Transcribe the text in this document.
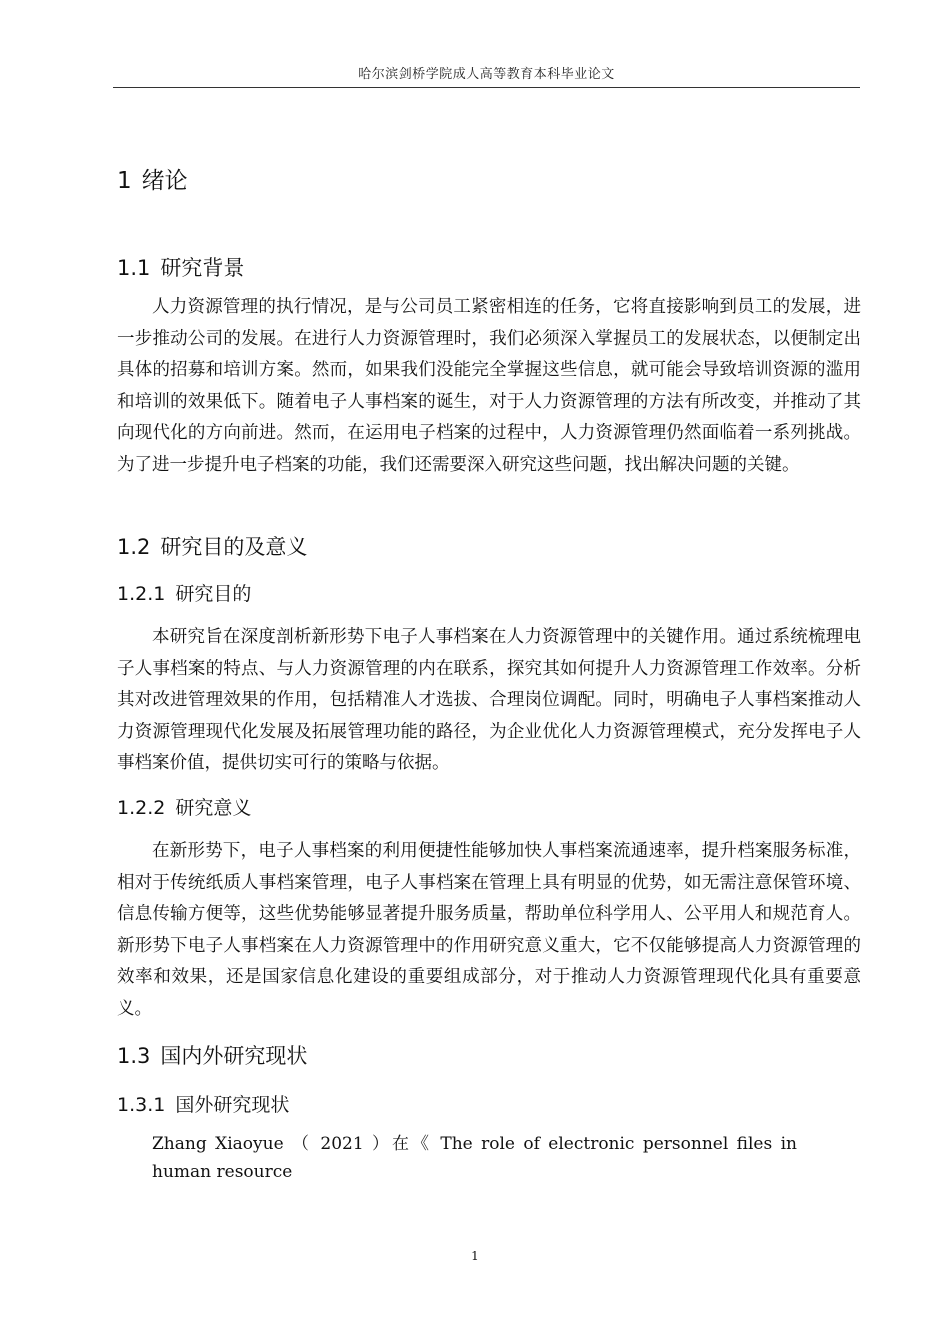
哈尔滨剑桥学院成人高等教育本科毕业论文
1 绪论
1.1 研究背景

人力资源管理的执行情况，是与公司员工紧密相连的任务，它将直接影响到员工的发展，进一步推动公司的发展。在进行人力资源管理时，我们必须深入掌握员工的发展状态，以便制定出具体的招募和培训方案。然而，如果我们没能完全掌握这些信息，就可能会导致培训资源的滥用和培训的效果低下。随着电子人事档案的诞生，对于人力资源管理的方法有所改变，并推动了其向现代化的方向前进。然而，在运用电子档案的过程中，人力资源管理仍然面临着一系列挑战。为了进一步提升电子档案的功能，我们还需要深入研究这些问题，找出解决问题的关键。

1.2 研究目的及意义
1.2.1 研究目的

本研究旨在深度剖析新形势下电子人事档案在人力资源管理中的关键作用。通过系统梳理电子人事档案的特点、与人力资源管理的内在联系，探究其如何提升人力资源管理工作效率。分析其对改进管理效果的作用，包括精准人才选拔、合理岗位调配。同时，明确电子人事档案推动人力资源管理现代化发展及拓展管理功能的路径，为企业优化人力资源管理模式，充分发挥电子人事档案价值，提供切实可行的策略与依据。

1.2.2 研究意义

在新形势下，电子人事档案的利用便捷性能够加快人事档案流通速率，提升档案服务标准，相对于传统纸质人事档案管理，电子人事档案在管理上具有明显的优势，如无需注意保管环境、信息传输方便等，这些优势能够显著提升服务质量，帮助单位科学用人、公平用人和规范育人。新形势下电子人事档案在人力资源管理中的作用研究意义重大，它不仅能够提高人力资源管理的效率和效果，还是国家信息化建设的重要组成部分，对于推动人力资源管理现代化具有重要意义。

1.3 国内外研究现状
1.3.1 国外研究现状

Zhang Xiaoyue （ 2021 ）在《 The role of electronic personnel files in human resource

1
